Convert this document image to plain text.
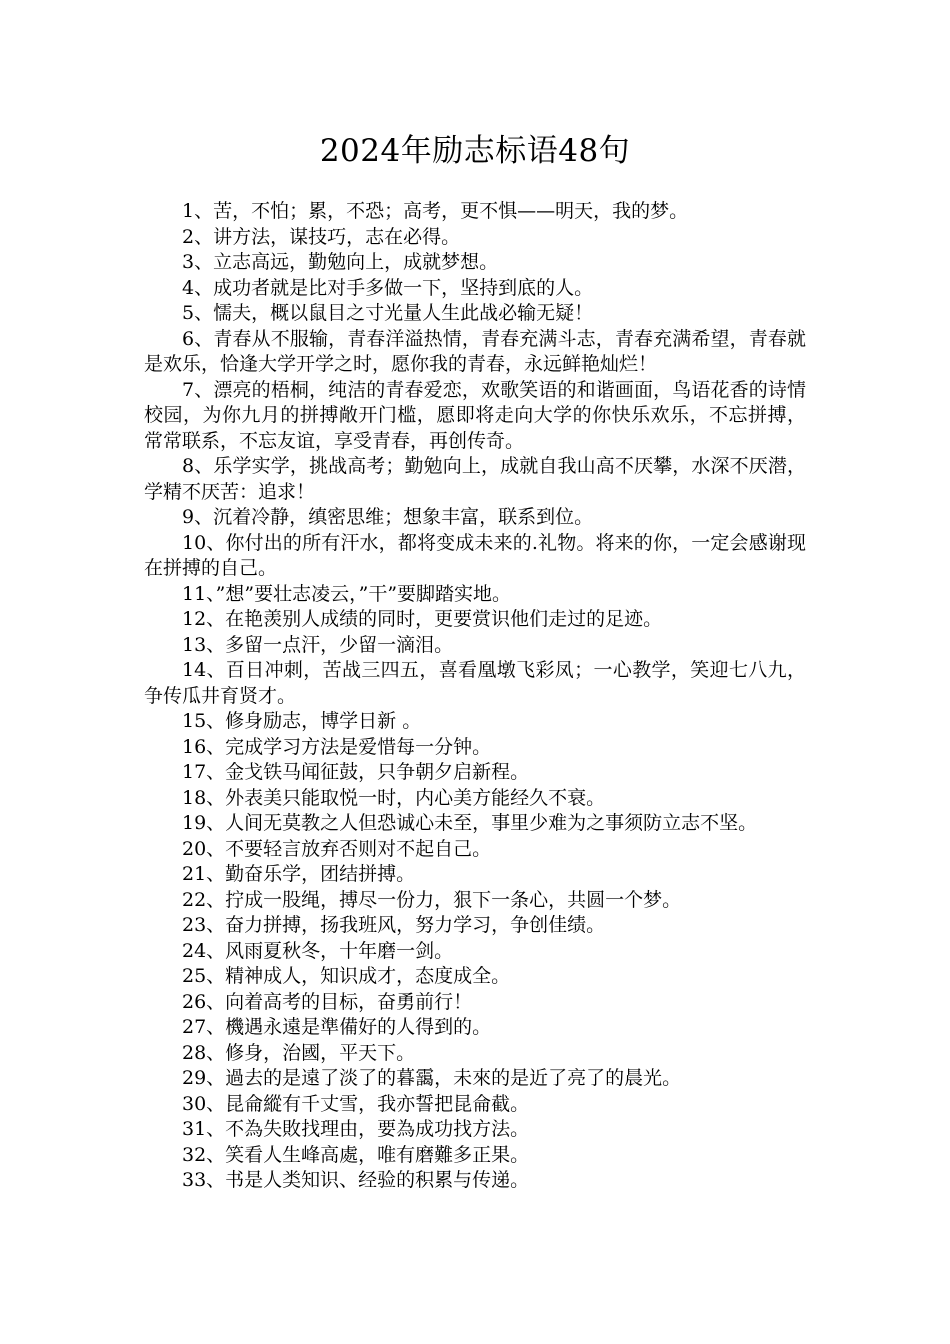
2024年励志标语48句

1、苦，不怕；累，不恐；高考，更不惧——明天，我的梦。

2、讲方法，谋技巧，志在必得。

3、立志高远，勤勉向上，成就梦想。

4、成功者就是比对手多做一下，坚持到底的人。

5、懦夫，概以鼠目之寸光量人生此战必输无疑！

6、青春从不服输，青春洋溢热情，青春充满斗志，青春充满希望，青春就是欢乐，恰逢大学开学之时，愿你我的青春，永远鲜艳灿烂！

7、漂亮的梧桐，纯洁的青春爱恋，欢歌笑语的和谐画面，鸟语花香的诗情校园，为你九月的拼搏敞开门槛，愿即将走向大学的你快乐欢乐，不忘拼搏，常常联系，不忘友谊，享受青春，再创传奇。

8、乐学实学，挑战高考；勤勉向上，成就自我山高不厌攀，水深不厌潜，学精不厌苦：追求！

9、沉着冷静，缜密思维；想象丰富，联系到位。

10、你付出的所有汗水，都将变成未来的.礼物。将来的你，一定会感谢现在拼搏的自己。

11、”想”要壮志凌云，”干”要脚踏实地。

12、在艳羡别人成绩的同时，更要赏识他们走过的足迹。

13、多留一点汗，少留一滴泪。

14、百日冲刺，苦战三四五，喜看凰墩飞彩凤；一心教学，笑迎七八九，争传瓜井育贤才。

15、修身励志，博学日新 。

16、完成学习方法是爱惜每一分钟。

17、金戈铁马闻征鼓，只争朝夕启新程。

18、外表美只能取悦一时，内心美方能经久不衰。

19、人间无莫教之人但恐诚心未至，事里少难为之事须防立志不坚。

20、不要轻言放弃否则对不起自己。

21、勤奋乐学，团结拼搏。

22、拧成一股绳，搏尽一份力，狠下一条心，共圆一个梦。

23、奋力拼搏，扬我班风，努力学习，争创佳绩。

24、风雨夏秋冬，十年磨一剑。

25、精神成人，知识成才，态度成全。

26、向着高考的目标，奋勇前行！

27、機遇永遠是準備好的人得到的。

28、修身，治國，平天下。

29、過去的是遠了淡了的暮靄，未來的是近了亮了的晨光。

30、昆侖縱有千丈雪，我亦誓把昆侖截。

31、不為失敗找理由，要為成功找方法。

32、笑看人生峰高處，唯有磨難多正果。

33、书是人类知识、经验的积累与传递。
